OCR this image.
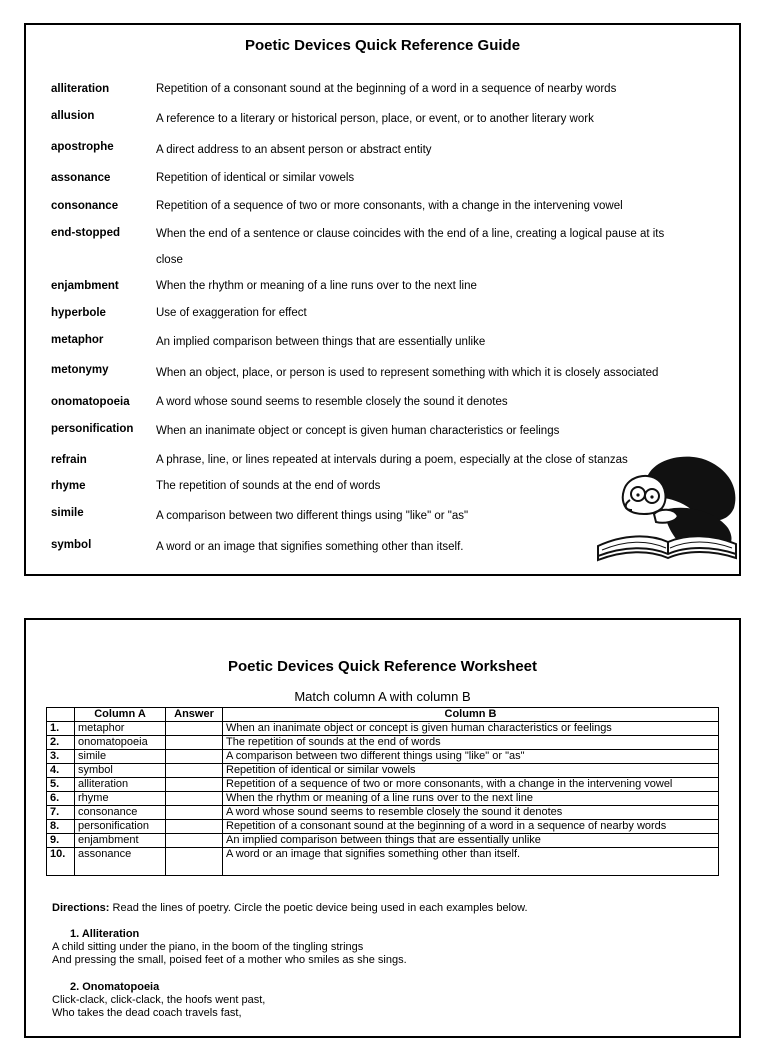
Poetic Devices Quick Reference Guide
alliteration	Repetition of a consonant sound at the beginning of a word in a sequence of nearby words
allusion	A reference to a literary or historical person, place, or event, or to another literary work
apostrophe	A direct address to an absent person or abstract entity
assonance	Repetition of identical or similar vowels
consonance	Repetition of a sequence of two or more consonants, with a change in the intervening vowel
end-stopped	When the end of a sentence or clause coincides with the end of a line, creating a logical pause at its close
enjambment	When the rhythm or meaning of a line runs over to the next line
hyperbole	Use of exaggeration for effect
metaphor	An implied comparison between things that are essentially unlike
metonymy	When an object, place, or person is used to represent something with which it is closely associated
onomatopoeia A word whose sound seems to resemble closely the sound it denotes
personification When an inanimate object or concept is given human characteristics or feelings
refrain	A phrase, line, or lines repeated at intervals during a poem, especially at the close of stanzas
rhyme	The repetition of sounds at the end of words
simile	A comparison between two different things using "like" or "as"
symbol	A word or an image that signifies something other than itself.
Poetic Devices Quick Reference Worksheet
Match column A with column B
	Column A	Answer	Column B
1.	metaphor		When an inanimate object or concept is given human characteristics or feelings
2.	onomatopoeia		The repetition of sounds at the end of words
3.	simile		A comparison between two different things using "like" or "as"
4.	symbol		Repetition of identical or similar vowels
5.	alliteration		Repetition of a sequence of two or more consonants, with a change in the intervening vowel
6.	rhyme		When the rhythm or meaning of a line runs over to the next line
7.	consonance		A word whose sound seems to resemble closely the sound it denotes
8.	personification		Repetition of a consonant sound at the beginning of a word in a sequence of nearby words
9.	enjambment		An implied comparison between things that are essentially unlike
10.	assonance		A word or an image that signifies something other than itself.
Directions: Read the lines of poetry. Circle the poetic device being used in each examples below.
1. Alliteration
A child sitting under the piano, in the boom of the tingling strings
And pressing the small, poised feet of a mother who smiles as she sings.
2. Onomatopoeia
Click-clack, click-clack, the hoofs went past,
Who takes the dead coach travels fast,
